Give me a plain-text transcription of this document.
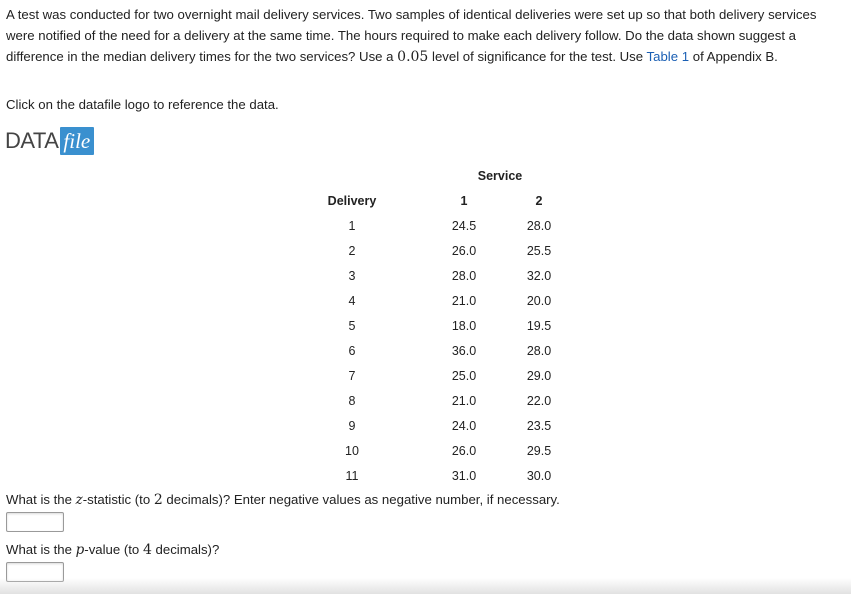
A test was conducted for two overnight mail delivery services. Two samples of identical deliveries were set up so that both delivery services were notified of the need for a delivery at the same time. The hours required to make each delivery follow. Do the data shown suggest a difference in the median delivery times for the two services? Use a 0.05 level of significance for the test. Use Table 1 of Appendix B.

Click on the datafile logo to reference the data.

DATA file
Service
Delivery	1	2
1	24.5	28.0
2	26.0	25.5
3	28.0	32.0
4	21.0	20.0
5	18.0	19.5
6	36.0	28.0
7	25.0	29.0
8	21.0	22.0
9	24.0	23.5
10	26.0	29.5
11	31.0	30.0
What is the z-statistic (to 2 decimals)? Enter negative values as negative number, if necessary.
What is the p-value (to 4 decimals)?
